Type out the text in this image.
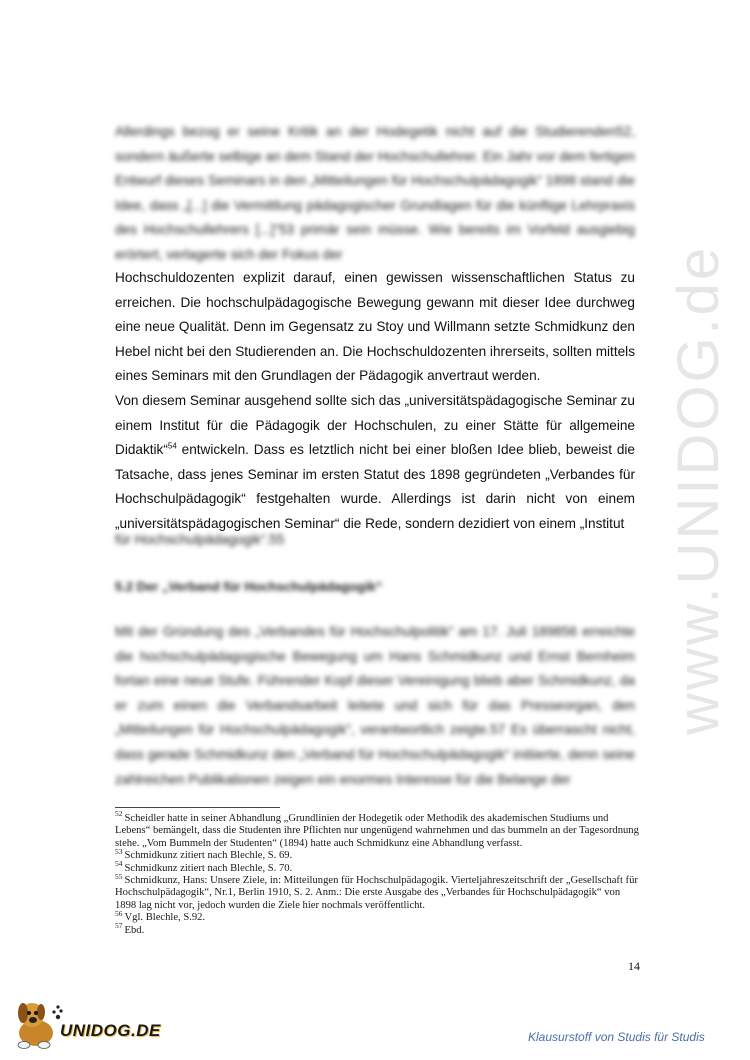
Allerdings bezog er seine Kritik an der Hodegetik nicht auf die Studierenden52, sondern äußerte selbige an dem Stand der Hochschullehrer. Ein Jahr vor dem fertigen Entwurf dieses Seminars in den „Mitteilungen für Hochschulpädagogik“ 1898 stand die Idee, dass „[...] die Vermittlung pädagogischer Grundlagen für die künftige Lehrpraxis des Hochschullehrers [...]“53 primär sein müsse. Wie bereits im Vorfeld ausgiebig erörtert, verlagerte sich der Fokus der

Hochschuldozenten explizit darauf, einen gewissen wissenschaftlichen Status zu erreichen. Die hochschulpädagogische Bewegung gewann mit dieser Idee durchweg eine neue Qualität. Denn im Gegensatz zu Stoy und Willmann setzte Schmidkunz den Hebel nicht bei den Studierenden an. Die Hochschuldozenten ihrerseits, sollten mittels eines Seminars mit den Grundlagen der Pädagogik anvertraut werden.

Von diesem Seminar ausgehend sollte sich das „universitätspädagogische Seminar zu einem Institut für die Pädagogik der Hochschulen, zu einer Stätte für allgemeine Didaktik“$^{54}$ entwickeln. Dass es letztlich nicht bei einer bloßen Idee blieb, beweist die Tatsache, dass jenes Seminar im ersten Statut des 1898 gegründeten „Verbandes für Hochschulpädagogik“ festgehalten wurde. Allerdings ist darin nicht von einem „universitätspädagogischen Seminar“ die Rede, sondern dezidiert von einem „Institut

für Hochschulpädagogik“.55

5.2 Der „Verband für Hochschulpädagogik“

Mit der Gründung des „Verbandes für Hochschulpolitik“ am 17. Juli 189856 erreichte die hochschulpädagogische Bewegung um Hans Schmidkunz und Ernst Bernheim fortan eine neue Stufe. Führender Kopf dieser Vereinigung blieb aber Schmidkunz, da er zum einen die Verbandsarbeit leitete und sich für das Presseorgan, den „Mitteilungen für Hochschulpädagogik“, verantwortlich zeigte.57 Es überrascht nicht, dass gerade Schmidkunz den „Verband für Hochschulpädagogik“ initiierte, denn seine zahlreichen Publikationen zeigen ein enormes Interesse für die Belange der

$^{52}$ Scheidler hatte in seiner Abhandlung „Grundlinien der Hodegetik oder Methodik des akademischen Studiums und Lebens“ bemängelt, dass die Studenten ihre Pflichten nur ungenügend wahrnehmen und das bummeln an der Tagesordnung stehe. „Vom Bummeln der Studenten“ (1894) hatte auch Schmidkunz eine Abhandlung verfasst.
$^{53}$ Schmidkunz zitiert nach Blechle, S. 69.
$^{54}$ Schmidkunz zitiert nach Blechle, S. 70.
$^{55}$ Schmidkunz, Hans: Unsere Ziele, in: Mitteilungen für Hochschulpädagogik. Vierteljahreszeitschrift der „Gesellschaft für Hochschulpädagogik“, Nr.1, Berlin 1910, S. 2. Anm.: Die erste Ausgabe des „Verbandes für Hochschulpädagogik“ von 1898 lag nicht vor, jedoch wurden die Ziele hier nochmals veröffentlicht.
$^{56}$ Vgl. Blechle, S.92.
$^{57}$ Ebd.
14
www.UNIDOG.de
UNIDOG.DE	Klausurstoff von Studis für Studis
